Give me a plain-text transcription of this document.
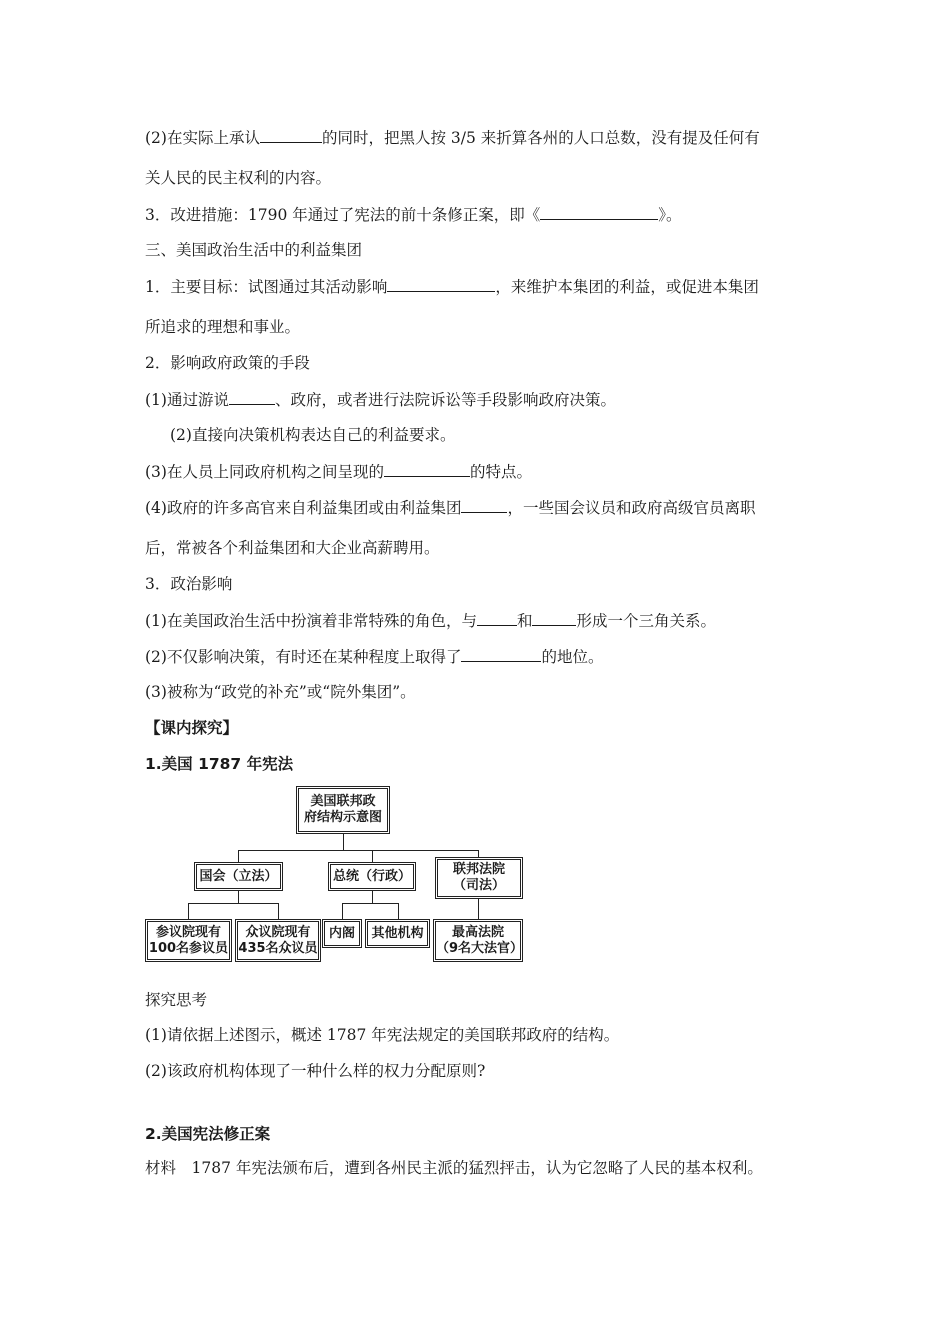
(2)在实际上承认	的同时，把黑人按 3/5 来折算各州的人口总数，没有提及任何有
关人民的民主权利的内容。
3．改进措施：1790 年通过了宪法的前十条修正案，即《	》。
三、美国政治生活中的利益集团
1．主要目标：试图通过其活动影响	，来维护本集团的利益，或促进本集团
所追求的理想和事业。
2．影响政府政策的手段
(1)通过游说	、政府，或者进行法院诉讼等手段影响政府决策。
(2)直接向决策机构表达自己的利益要求。
(3)在人员上同政府机构之间呈现的	的特点。
(4)政府的许多高官来自利益集团或由利益集团	，一些国会议员和政府高级官员离职
后，常被各个利益集团和大企业高薪聘用。
3．政治影响
(1)在美国政治生活中扮演着非常特殊的角色，与	和	形成一个三角关系。
(2)不仅影响决策，有时还在某种程度上取得了	的地位。
(3)被称为“政党的补充”或“院外集团”。
【课内探究】
1.美国 1787 年宪法
美国联邦政
府结构示意图
国会（立法）	总统（行政）	联邦法院
（司法）
参议院现有
100名参议员
众议院现有
435名众议员
内阁 其他机构 最高法院
（9名大法官）
探究思考
(1)请依据上述图示，概述 1787 年宪法规定的美国联邦政府的结构。
(2)该政府机构体现了一种什么样的权力分配原则?
2.美国宪法修正案
材料　1787 年宪法颁布后，遭到各州民主派的猛烈抨击，认为它忽略了人民的基本权利。
